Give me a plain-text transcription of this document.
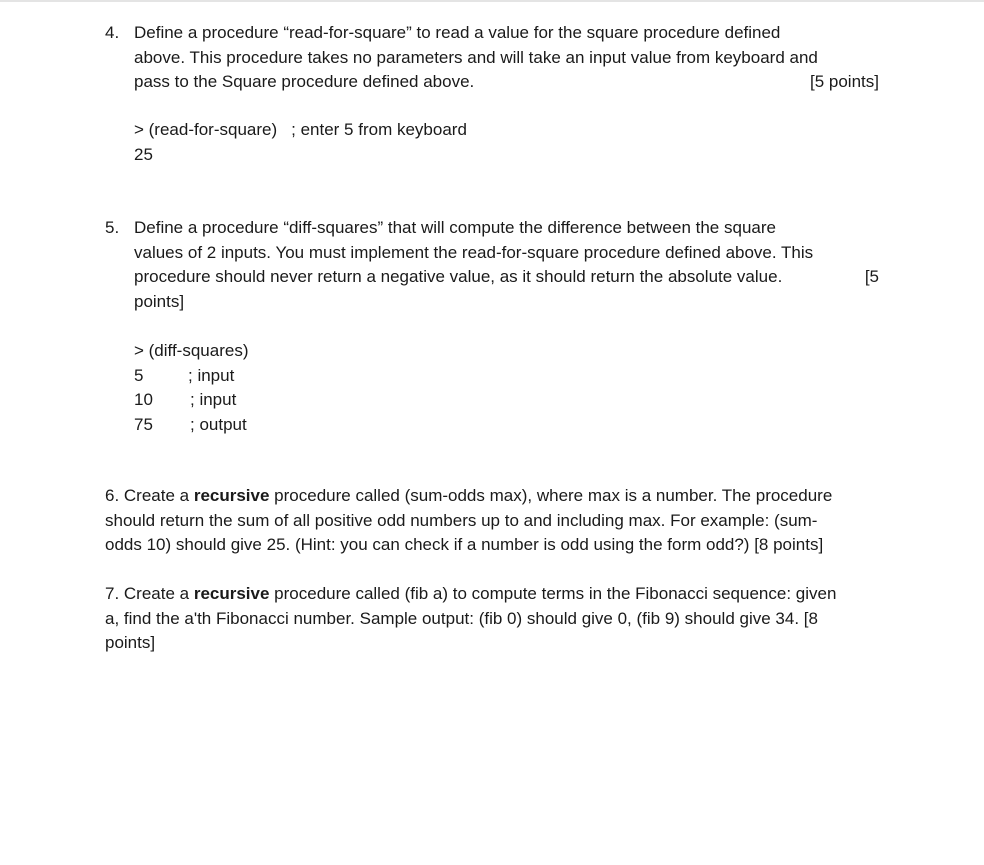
4. Define a procedure “read-for-square” to read a value for the square procedure defined
above. This procedure takes no parameters and will take an input value from keyboard and
pass to the Square procedure defined above.	[5 points]
> (read-for-square) ; enter 5 from keyboard
25
5. Define a procedure “diff-squares” that will compute the difference between the square
values of 2 inputs. You must implement the read-for-square procedure defined above. This
procedure should never return a negative value, as it should return the absolute value.	[5
points]
> (diff-squares)
5	; input
10 ; input
75 ; output
6. Create a recursive procedure called (sum-odds max), where max is a number. The procedure
should return the sum of all positive odd numbers up to and including max. For example: (sum-
odds 10) should give 25. (Hint: you can check if a number is odd using the form odd?) [8 points]
7. Create a recursive procedure called (fib a) to compute terms in the Fibonacci sequence: given
a, find the a'th Fibonacci number. Sample output: (fib 0) should give 0, (fib 9) should give 34. [8
points]
